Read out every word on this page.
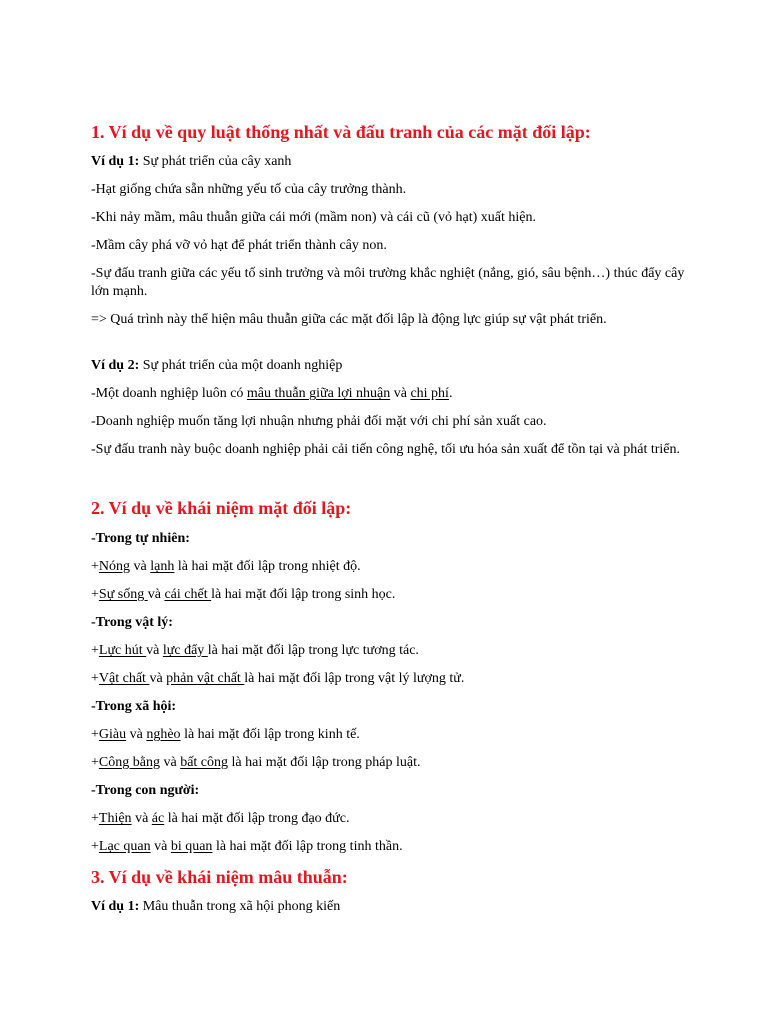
1. Ví dụ về quy luật thống nhất và đấu tranh của các mặt đối lập:
Ví dụ 1: Sự phát triển của cây xanh
-Hạt giống chứa sẵn những yếu tố của cây trưởng thành.
-Khi nảy mầm, mâu thuẫn giữa cái mới (mầm non) và cái cũ (vỏ hạt) xuất hiện.
-Mầm cây phá vỡ vỏ hạt để phát triển thành cây non.
-Sự đấu tranh giữa các yếu tố sinh trưởng và môi trường khắc nghiệt (nắng, gió, sâu bệnh…) thúc đẩy cây lớn mạnh.
=> Quá trình này thể hiện mâu thuẫn giữa các mặt đối lập là động lực giúp sự vật phát triển.
Ví dụ 2: Sự phát triển của một doanh nghiệp
-Một doanh nghiệp luôn có mâu thuẫn giữa lợi nhuận và chi phí.
-Doanh nghiệp muốn tăng lợi nhuận nhưng phải đối mặt với chi phí sản xuất cao.
-Sự đấu tranh này buộc doanh nghiệp phải cải tiến công nghệ, tối ưu hóa sản xuất để tồn tại và phát triển.
2. Ví dụ về khái niệm mặt đối lập:
-Trong tự nhiên:
+Nóng và lạnh là hai mặt đối lập trong nhiệt độ.
+Sự sống và cái chết là hai mặt đối lập trong sinh học.
-Trong vật lý:
+Lực hút và lực đẩy là hai mặt đối lập trong lực tương tác.
+Vật chất và phản vật chất là hai mặt đối lập trong vật lý lượng tử.
-Trong xã hội:
+Giàu và nghèo là hai mặt đối lập trong kinh tế.
+Công bằng và bất công là hai mặt đối lập trong pháp luật.
-Trong con người:
+Thiện và ác là hai mặt đối lập trong đạo đức.
+Lạc quan và bi quan là hai mặt đối lập trong tinh thần.
3. Ví dụ về khái niệm mâu thuẫn:
Ví dụ 1: Mâu thuẫn trong xã hội phong kiến
